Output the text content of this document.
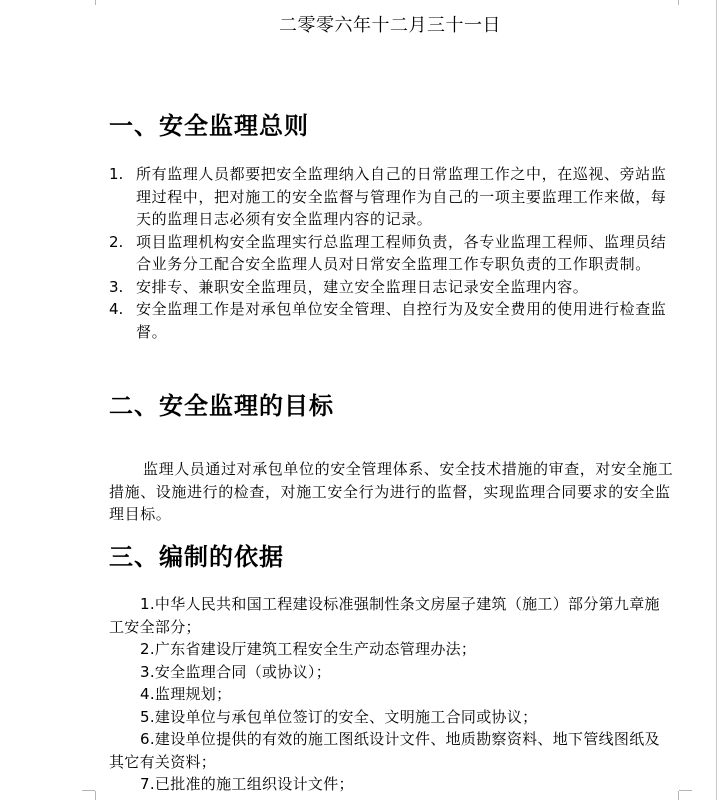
二零零六年十二月三十一日
一、安全监理总则
1. 所有监理人员都要把安全监理纳入自己的日常监理工作之中，在巡视、旁站监理过程中，把对施工的安全监督与管理作为自己的一项主要监理工作来做，每天的监理日志必须有安全监理内容的记录。
2. 项目监理机构安全监理实行总监理工程师负责，各专业监理工程师、监理员结合业务分工配合安全监理人员对日常安全监理工作专职负责的工作职责制。
3. 安排专、兼职安全监理员，建立安全监理日志记录安全监理内容。
4. 安全监理工作是对承包单位安全管理、自控行为及安全费用的使用进行检查监督。
二、安全监理的目标

监理人员通过对承包单位的安全管理体系、安全技术措施的审查，对安全施工措施、设施进行的检查，对施工安全行为进行的监督，实现监理合同要求的安全监理目标。

三、编制的依据
1.中华人民共和国工程建设标准强制性条文房屋子建筑（施工）部分第九章施工安全部分；
2.广东省建设厅建筑工程安全生产动态管理办法；
3.安全监理合同（或协议）；
4.监理规划；
5.建设单位与承包单位签订的安全、文明施工合同或协议；
6.建设单位提供的有效的施工图纸设计文件、地质勘察资料、地下管线图纸及其它有关资料；
7.已批准的施工组织设计文件；
